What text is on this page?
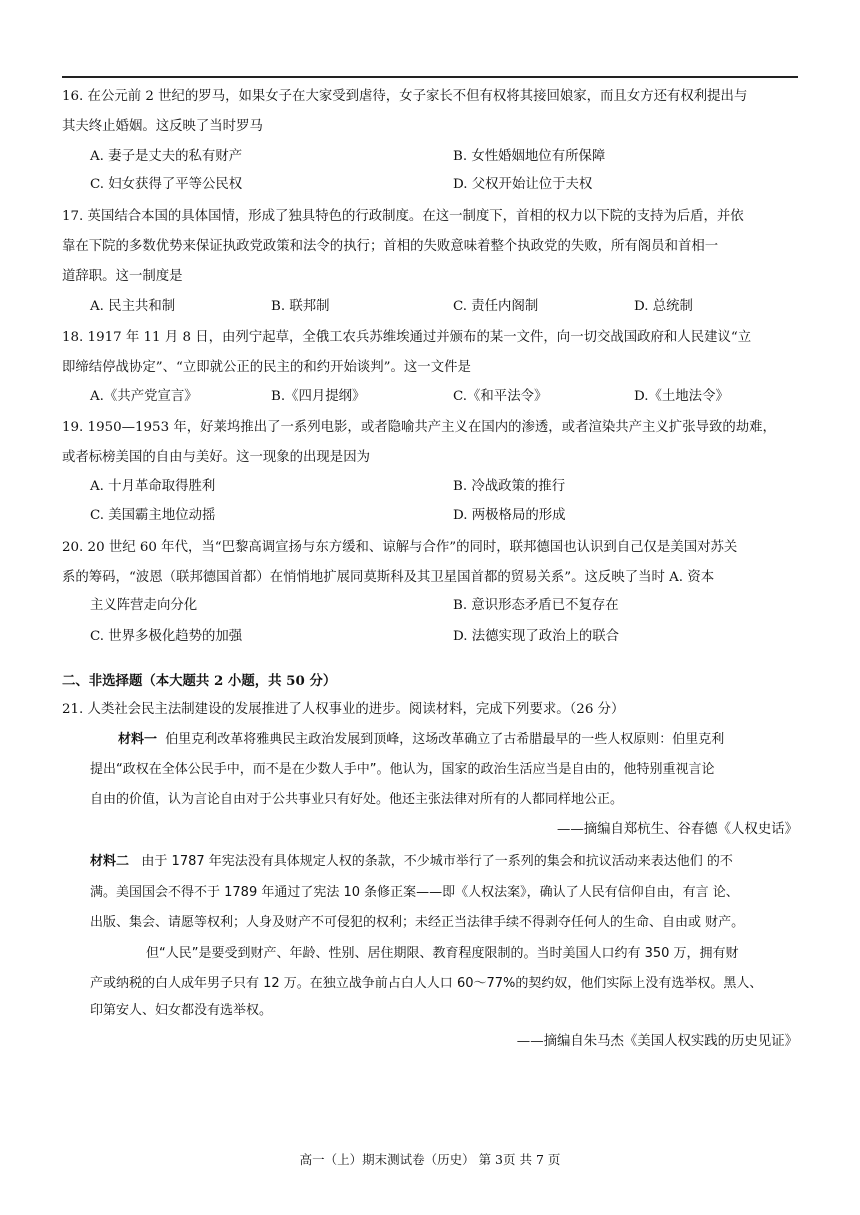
16. 在公元前 2 世纪的罗马，如果女子在大家受到虐待，女子家长不但有权将其接回娘家，而且女方还有权利提出与
其夫终止婚姻。这反映了当时罗马
A. 妻子是丈夫的私有财产	B. 女性婚姻地位有所保障
C. 妇女获得了平等公民权	D. 父权开始让位于夫权
17. 英国结合本国的具体国情，形成了独具特色的行政制度。在这一制度下，首相的权力以下院的支持为后盾，并依
靠在下院的多数优势来保证执政党政策和法令的执行；首相的失败意味着整个执政党的失败，所有阁员和首相一
道辞职。这一制度是
A. 民主共和制	B. 联邦制	C. 责任内阁制	D. 总统制
18. 1917 年 11 月 8 日，由列宁起草，全俄工农兵苏维埃通过并颁布的某一文件，向一切交战国政府和人民建议“立
即缔结停战协定”、“立即就公正的民主的和约开始谈判”。这一文件是
A.《共产党宣言》	B.《四月提纲》	C.《和平法令》	D.《土地法令》
19. 1950—1953 年，好莱坞推出了一系列电影，或者隐喻共产主义在国内的渗透，或者渲染共产主义扩张导致的劫难，
或者标榜美国的自由与美好。这一现象的出现是因为
A. 十月革命取得胜利	B. 冷战政策的推行
C. 美国霸主地位动摇	D. 两极格局的形成
20. 20 世纪 60 年代，当“巴黎高调宣扬与东方缓和、谅解与合作”的同时，联邦德国也认识到自己仅是美国对苏关
系的筹码，“波恩（联邦德国首都）在悄悄地扩展同莫斯科及其卫星国首都的贸易关系”。这反映了当时 A. 资本
主义阵营走向分化	B. 意识形态矛盾已不复存在
C. 世界多极化趋势的加强	D. 法德实现了政治上的联合
二、非选择题（本大题共 2 小题，共 50 分）
21. 人类社会民主法制建设的发展推进了人权事业的进步。阅读材料，完成下列要求。（26 分）
材料一 伯里克利改革将雅典民主政治发展到顶峰，这场改革确立了古希腊最早的一些人权原则：伯里克利
提出“政权在全体公民手中，而不是在少数人手中”。他认为，国家的政治生活应当是自由的，他特别重视言论
自由的价值，认为言论自由对于公共事业只有好处。他还主张法律对所有的人都同样地公正。
——摘编自郑杭生、谷春德《人权史话》
材料二 由于 1787 年宪法没有具体规定人权的条款，不少城市举行了一系列的集会和抗议活动来表达他们 的不
满。美国国会不得不于 1789 年通过了宪法 10 条修正案——即《人权法案》，确认了人民有信仰自由，有言 论、
出版、集会、请愿等权利；人身及财产不可侵犯的权利；未经正当法律手续不得剥夺任何人的生命、自由或 财产。
但“人民”是要受到财产、年龄、性别、居住期限、教育程度限制的。当时美国人口约有 350 万，拥有财
产或纳税的白人成年男子只有 12 万。在独立战争前占白人人口 60～77%的契约奴，他们实际上没有选举权。黑人、
印第安人、妇女都没有选举权。
——摘编自朱马杰《美国人权实践的历史见证》
高一（上）期末测试卷（历史） 第 3页 共 7 页
